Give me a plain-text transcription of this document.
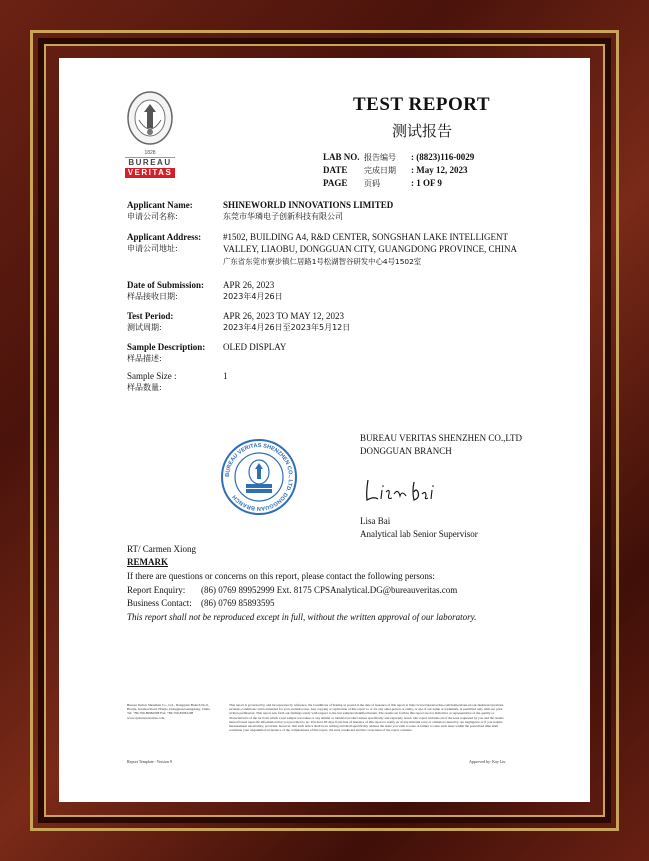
1828
BUREAU
VERITAS
TEST REPORT
测试报告
LAB NO. 报告编号 : (8823)116-0029
DATE 完成日期 : May 12, 2023
PAGE 页码	: 1 OF 9
Applicant Name:
申请公司名称:
SHINEWORLD INNOVATIONS LIMITED
东莞市华璘电子创新科技有限公司
Applicant Address:
申请公司地址:
#1502, BUILDING A4, R&D CENTER, SONGSHAN LAKE INTELLIGENT
VALLEY, LIAOBU, DONGGUAN CITY, GUANGDONG PROVINCE, CHINA
广东省东莞市寮步镇仁居路1号松湖智谷研发中心4号1502室
Date of Submission:
样品接收日期:
APR 26, 2023
2023年4月26日
Test Period:
测试周期:
APR 26, 2023 TO MAY 12, 2023
2023年4月26日至2023年5月12日
Sample Description:
样品描述:
OLED DISPLAY
Sample Size :
样品数量:
1
BUREAU VERITAS SHENZHEN CO., LTD. DONGGUAN BRANCH
BUREAU VERITAS SHENZHEN CO.,LTD
DONGGUAN BRANCH
Lisa Bai
Analytical lab Senior Supervisor
RT/ Carmen Xiong
REMARK
If there are questions or concerns on this report, please contact the following persons:
Report Enquiry: (86) 0769 89952999 Ext. 8175 CPSAnalytical.DG@bureauveritas.com
Business Contact: (86) 0769 85893595
This report shall not be reproduced except in full, without the written approval of our laboratory.
Bureau Veritas Shenzhen Co., Ltd., Dongguan Branch No.6, Houjie, Guantai Road, Houjie, Dongguan,Guangdong, China Tel: +86-769-89982098 Fax: +86-769-85981208 www.cpsbureauveritas.com
This report is governed by, and incorporates by reference, the Conditions of Testing as posted at the date of issuance of this report at http://www.bureauveritas.com/home/about-us/our-business/cps/about-us/terms-conditions/ and is intended for your exclusive use. Any copying or replication of this report to or for any other person or entity, or use of our name or trademark, is permitted only with our prior written permission. This report sets forth our findings solely with respect to the test samples identified herein. The results set forth in this report are not indicative or representative of the quality or characteristics of the lot from which a test sample was taken or any similar or identical product unless specifically and expressly noted. Our report includes all of the tests requested by you and the results thereof based upon the information that you provided to us. You have 60 days from date of issuance of this report to notify us of any material error or omission caused by our negligence or if you require measurement uncertainty; provided, however, that such notice shall be in writing and shall specifically address the issue you wish to raise. A failure to raise such issue within the prescribed time shall constitute your unqualified acceptance of the completeness of this report, the tests conducted and the correctness of the report contents.
Report Template : Version 8	Approved by: Kay Liu
